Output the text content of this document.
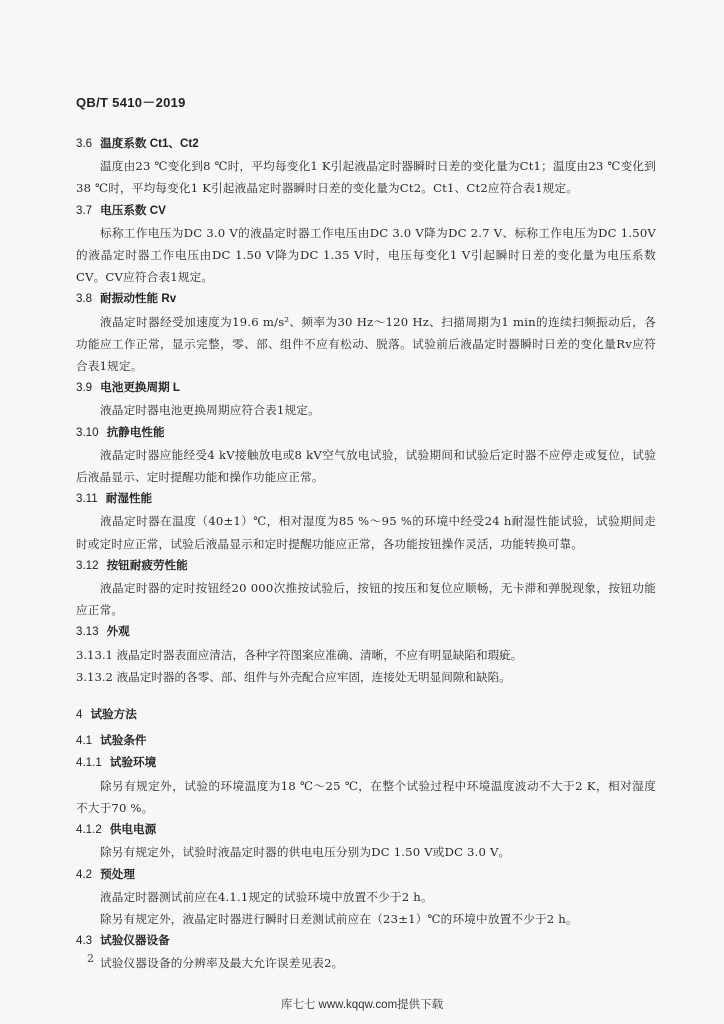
QB/T 5410－2019
3.6 温度系数 Ct1、Ct2
温度由23 ℃变化到8 ℃时，平均每变化1 K引起液晶定时器瞬时日差的变化量为Ct1；温度由23 ℃变化到38 ℃时，平均每变化1 K引起液晶定时器瞬时日差的变化量为Ct2。Ct1、Ct2应符合表1规定。
3.7 电压系数 CV
标称工作电压为DC 3.0 V的液晶定时器工作电压由DC 3.0 V降为DC 2.7 V、标称工作电压为DC 1.50V的液晶定时器工作电压由DC 1.50 V降为DC 1.35 V时，电压每变化1 V引起瞬时日差的变化量为电压系数CV。CV应符合表1规定。
3.8 耐振动性能 Rv
液晶定时器经受加速度为19.6 m/s²、频率为30 Hz～120 Hz、扫描周期为1 min的连续扫频振动后，各功能应工作正常，显示完整，零、部、组件不应有松动、脱落。试验前后液晶定时器瞬时日差的变化量Rv应符合表1规定。
3.9 电池更换周期 L
液晶定时器电池更换周期应符合表1规定。
3.10 抗静电性能
液晶定时器应能经受4 kV接触放电或8 kV空气放电试验，试验期间和试验后定时器不应停走或复位，试验后液晶显示、定时提醒功能和操作功能应正常。
3.11 耐湿性能
液晶定时器在温度（40±1）℃，相对湿度为85 %～95 %的环境中经受24 h耐湿性能试验，试验期间走时或定时应正常，试验后液晶显示和定时提醒功能应正常，各功能按钮操作灵活，功能转换可靠。
3.12 按钮耐疲劳性能
液晶定时器的定时按钮经20 000次推按试验后，按钮的按压和复位应顺畅，无卡滞和弹脱现象，按钮功能应正常。
3.13 外观
3.13.1 液晶定时器表面应清洁，各种字符图案应准确、清晰，不应有明显缺陷和瑕疵。
3.13.2 液晶定时器的各零、部、组件与外壳配合应牢固，连接处无明显间隙和缺陷。
4 试验方法
4.1 试验条件
4.1.1 试验环境
除另有规定外，试验的环境温度为18 ℃～25 ℃，在整个试验过程中环境温度波动不大于2 K，相对湿度不大于70 %。
4.1.2 供电电源
除另有规定外，试验时液晶定时器的供电电压分别为DC 1.50 V或DC 3.0 V。
4.2 预处理
液晶定时器测试前应在4.1.1规定的试验环境中放置不少于2 h。
除另有规定外，液晶定时器进行瞬时日差测试前应在（23±1）℃的环境中放置不少于2 h。
4.3 试验仪器设备
试验仪器设备的分辨率及最大允许误差见表2。
2
库七七 www.kqqw.com提供下载
